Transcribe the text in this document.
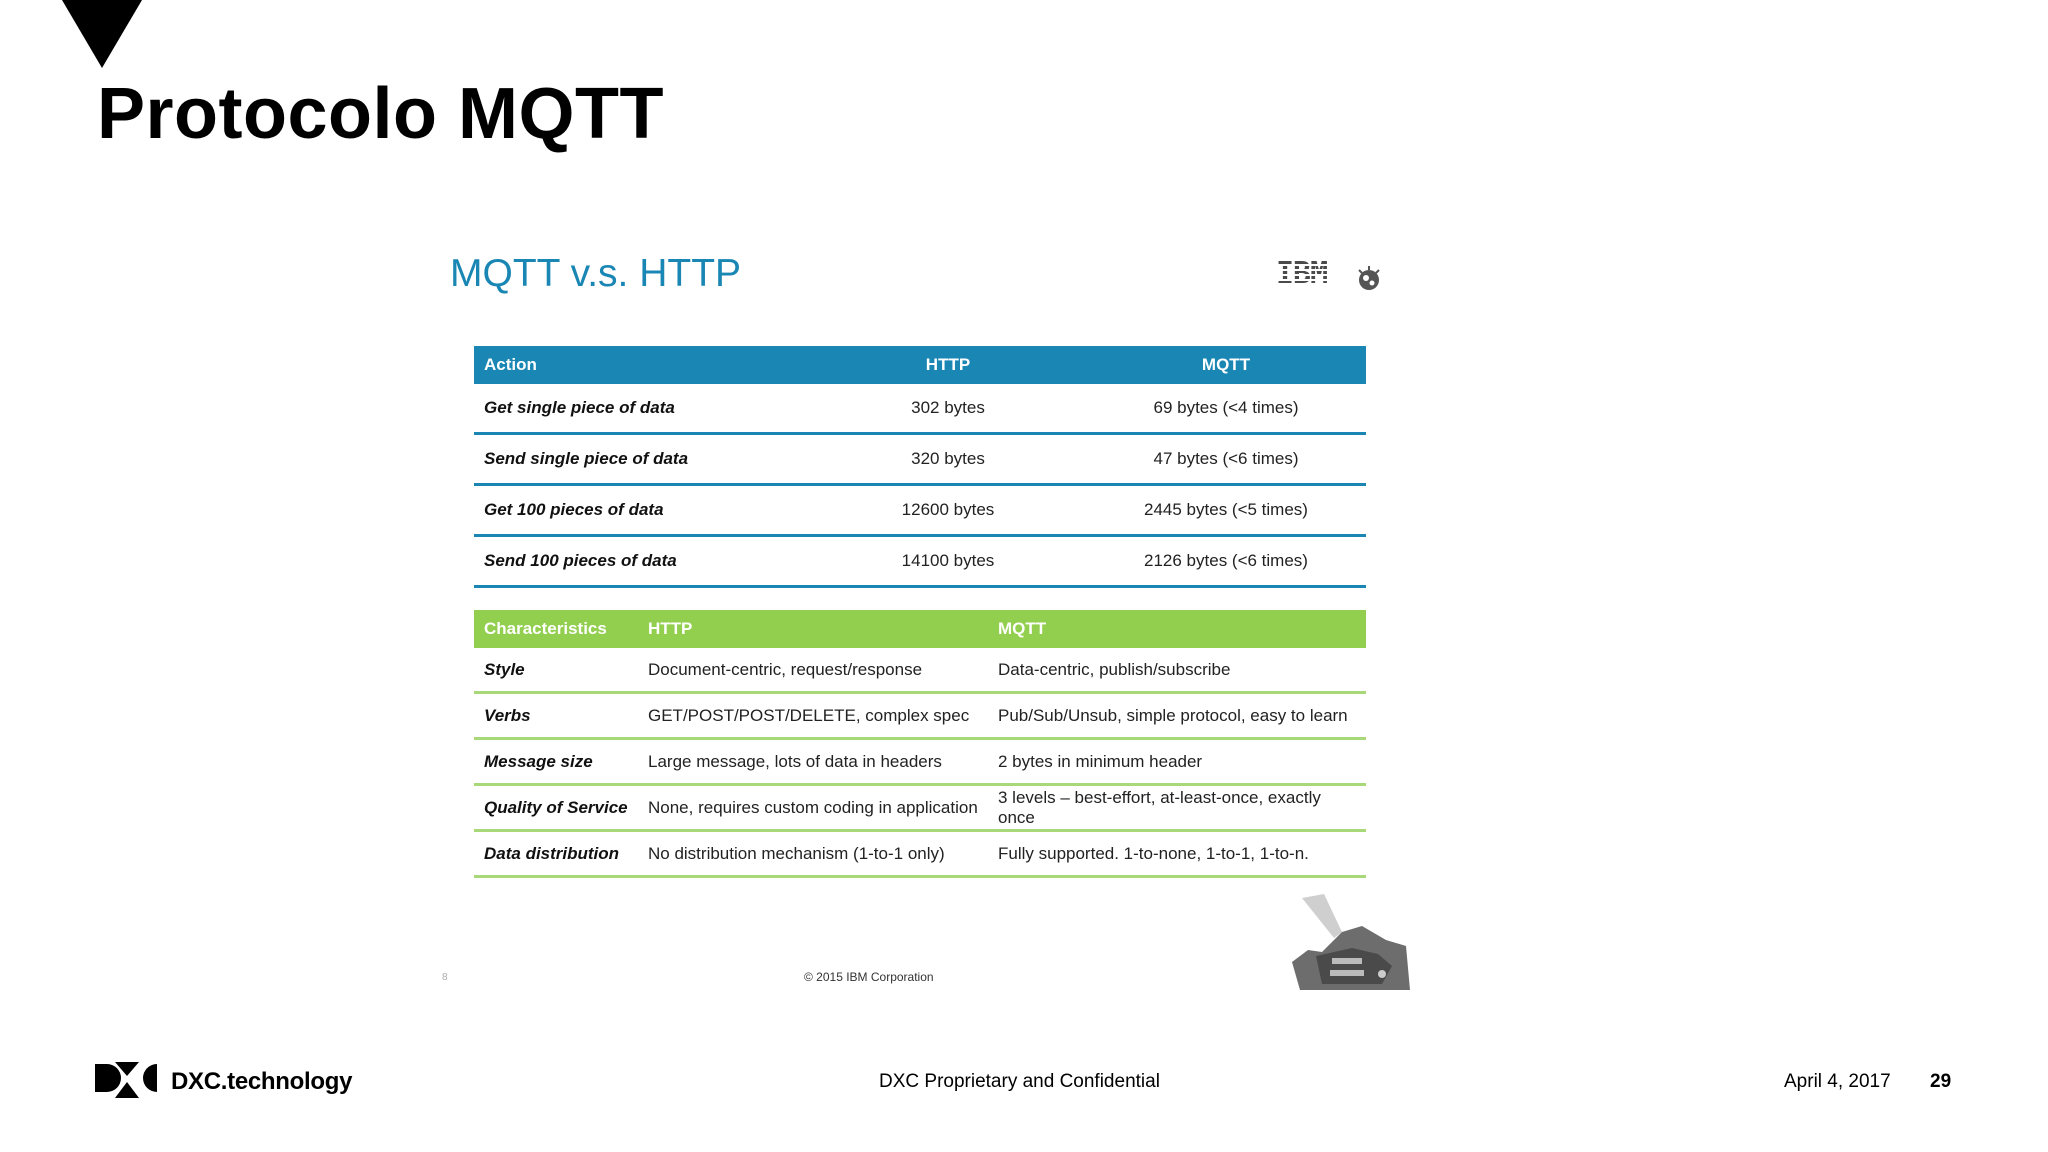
Protocolo MQTT
MQTT v.s. HTTP	IBM
Action	HTTP	MQTT
Get single piece of data	302 bytes	69 bytes (<4 times)
Send single piece of data	320 bytes	47 bytes (<6 times)
Get 100 pieces of data	12600 bytes	2445 bytes (<5 times)
Send 100 pieces of data	14100 bytes	2126 bytes (<6 times)
Characteristics	HTTP	MQTT
Style	Document-centric, request/response	Data-centric, publish/subscribe
Verbs	GET/POST/POST/DELETE, complex spec	Pub/Sub/Unsub, simple protocol, easy to learn
Message size	Large message, lots of data in headers	2 bytes in minimum header
Quality of Service	None, requires custom coding in application	3 levels – best-effort, at-least-once, exactly once
Data distribution	No distribution mechanism (1-to-1 only)	Fully supported. 1-to-none, 1-to-1, 1-to-n.
8	© 2015 IBM Corporation
DXC.technology	DXC Proprietary and Confidential	April 4, 2017 29
